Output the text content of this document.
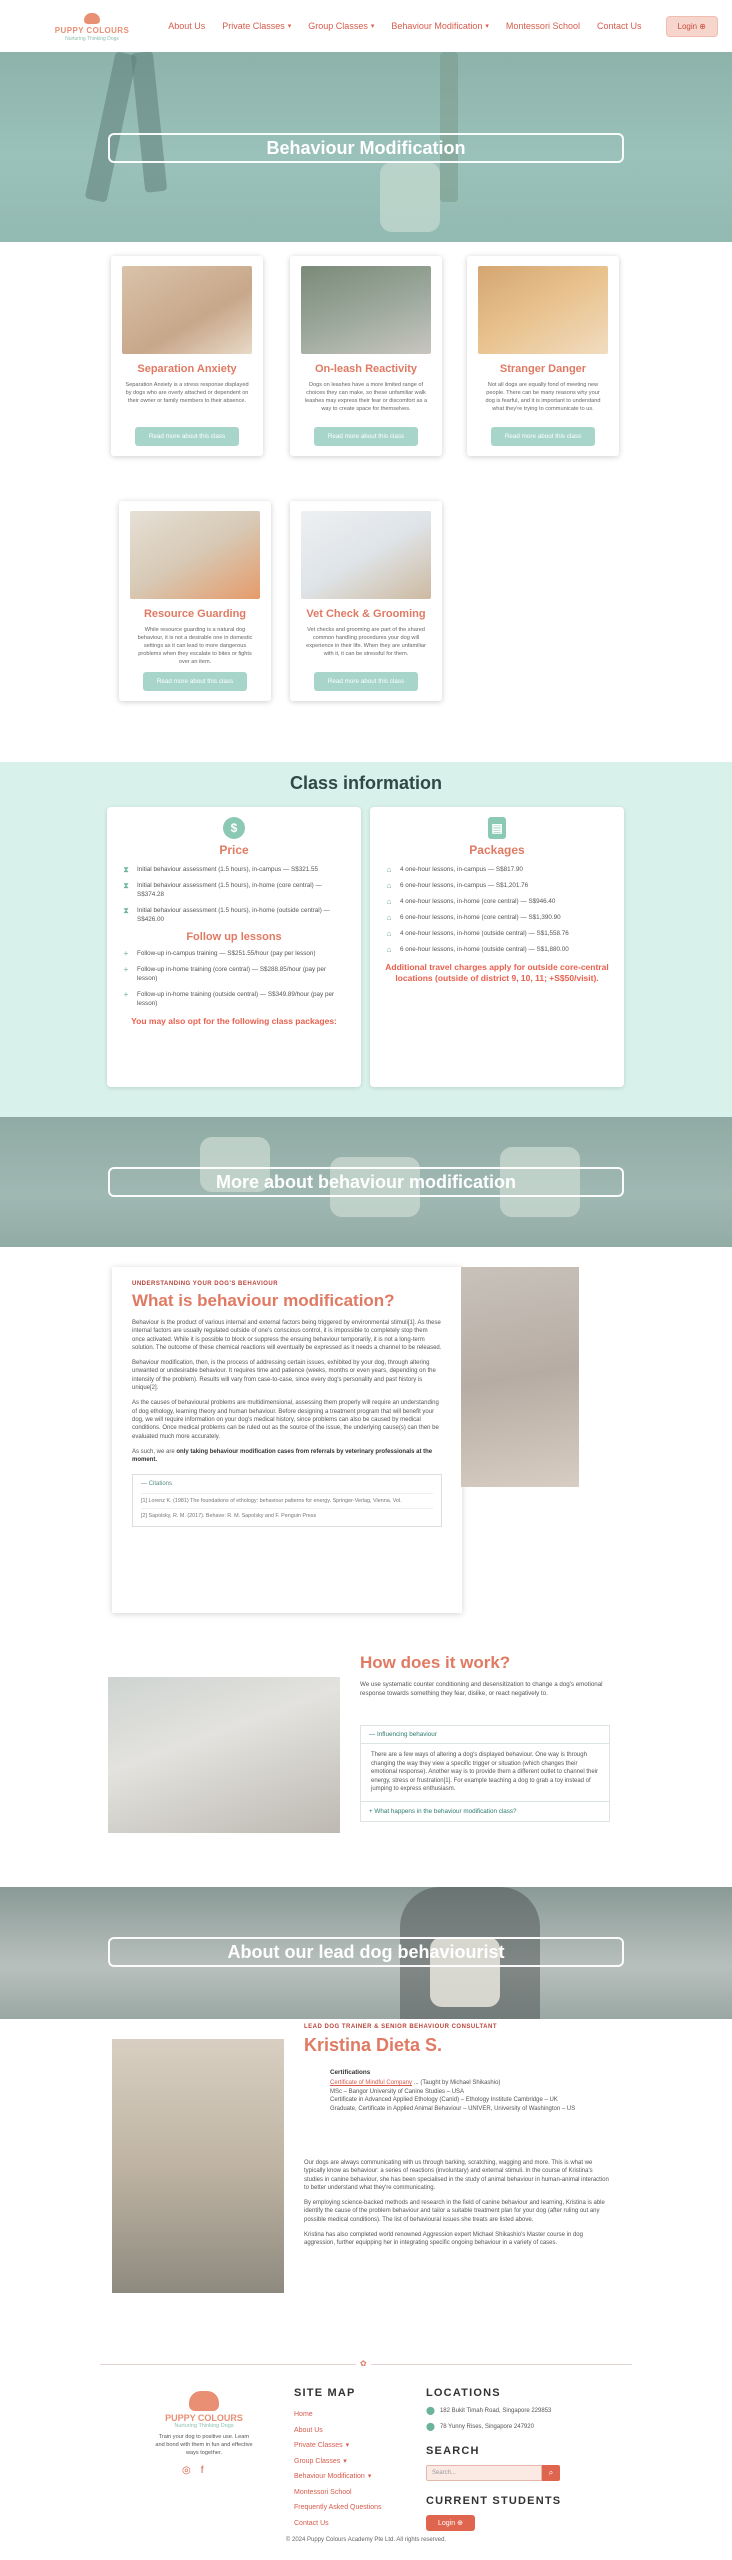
PUPPY COLOURS
Nurturing Thinking Dogs
About Us Private Classes ▾ Group Classes ▾ Behaviour Modification ▾ Montessori School Contact Us	Login ⊕
Behaviour Modification
Separation Anxiety
Separation Anxiety is a stress response displayed by dogs who are overly attached or dependent on their owner or family members to their absence.
Read more about this class
On-leash Reactivity
Dogs on leashes have a more limited range of choices they can make, so these unfamiliar walk leashes may express their fear or discomfort as a way to create space for themselves.
Read more about this class
Stranger Danger
Not all dogs are equally fond of meeting new people. There can be many reasons why your dog is fearful, and it is important to understand what they're trying to communicate to us.
Read more about this class
Resource Guarding
While resource guarding is a natural dog behaviour, it is not a desirable one in domestic settings as it can lead to more dangerous problems when they escalate to bites or fights over an item.
Read more about this class
Vet Check & Grooming
Vet checks and grooming are part of the shared common handling procedures your dog will experience in their life. When they are unfamiliar with it, it can be stressful for them.
Read more about this class
Class information
$
Price
⧗	Initial behaviour assessment (1.5 hours), in-campus — S$321.55
⧗	Initial behaviour assessment (1.5 hours), in-home (core central) — S$374.28
⧗	Initial behaviour assessment (1.5 hours), in-home (outside central) — S$426.00
Follow up lessons
+	Follow-up in-campus training — S$251.55/hour (pay per lesson)
+	Follow-up in-home training (core central) — S$288.85/hour (pay per lesson)
+	Follow-up in-home training (outside central) — S$349.89/hour (pay per lesson)
You may also opt for the following class packages:
▤
Packages
⌂	4 one-hour lessons, in-campus — S$817.90
⌂	6 one-hour lessons, in-campus — S$1,201.76
⌂	4 one-hour lessons, in-home (core central) — S$946.40
⌂	6 one-hour lessons, in-home (core central) — S$1,390.90
⌂	4 one-hour lessons, in-home (outside central) — S$1,558.76
⌂	6 one-hour lessons, in-home (outside central) — S$1,880.00
Additional travel charges apply for outside core-central locations (outside of district 9, 10, 11; +S$50/visit).
More about behaviour modification
UNDERSTANDING YOUR DOG'S BEHAVIOUR
What is behaviour modification?

Behaviour is the product of various internal and external factors being triggered by environmental stimuli[1]. As these internal factors are usually regulated outside of one's conscious control, it is impossible to completely stop them once activated. While it is possible to block or suppress the ensuing behaviour temporarily, it is not a long-term solution. The outcome of these chemical reactions will eventually be expressed as it needs a channel to be released.

Behaviour modification, then, is the process of addressing certain issues, exhibited by your dog, through altering unwanted or undesirable behaviour. It requires time and patience (weeks, months or even years, depending on the intensity of the problem). Results will vary from case-to-case, since every dog's personality and past history is unique[2].

As the causes of behavioural problems are multidimensional, assessing them properly will require an understanding of dog ethology, learning theory and human behaviour. Before designing a treatment program that will benefit your dog, we will require information on your dog's medical history, since problems can also be caused by medical conditions. Once medical problems can be ruled out as the source of the issue, the underlying cause(s) can then be evaluated much more accurately.

As such, we are only taking behaviour modification cases from referrals by veterinary professionals at the moment.

— Citations
[1] Lorenz K. (1981) The foundations of ethology: behaviour patterns for energy. Springer-Verlag, Vienna. Vol.
[2] Sapolsky, R. M. (2017). Behave: R. M. Sapolsky and F. Penguin Press
How does it work?

We use systematic counter conditioning and desensitization to change a dog's emotional response towards something they fear, dislike, or react negatively to.

— Influencing behaviour
There are a few ways of altering a dog's displayed behaviour. One way is through changing the way they view a specific trigger or situation (which changes their emotional response). Another way is to provide them a different outlet to channel their energy, stress or frustration[1]. For example teaching a dog to grab a toy instead of jumping to express enthusiasm.
+ What happens in the behaviour modification class?
About our lead dog behaviourist
LEAD DOG TRAINER & SENIOR BEHAVIOUR CONSULTANT
Kristina Dieta S.
Certifications
Certificate of Mindful Company ... (Taught by Michael Shikashio)
MSc – Bangor University of Canine Studies – USA
Certificate in Advanced Applied Ethology (Canid) – Ethology Institute Cambridge – UK
Graduate, Certificate in Applied Animal Behaviour – UNIVER, University of Washington – US

Our dogs are always communicating with us through barking, scratching, wagging and more. This is what we typically know as behaviour: a series of reactions (involuntary) and external stimuli. In the course of Kristina's studies in canine behaviour, she has been specialised in the study of animal behaviour in human-animal interaction to better understand what they're communicating.

By employing science-backed methods and research in the field of canine behaviour and learning, Kristina is able identify the cause of the problem behaviour and tailor a suitable treatment plan for your dog (after ruling out any possible medical conditions). The list of behavioural issues she treats are listed above.

Kristina has also completed world renowned Aggression expert Michael Shikashio's Master course in dog aggression, further equipping her in integrating specific ongoing behaviour in a variety of cases.

✿
PUPPY COLOURS
Nurturing Thinking Dogs
Train your dog to positive use. Learn and bond with them in fun and effective ways together.
◎ f
SITE MAP
Home
About Us
Private Classes ▾
Group Classes ▾
Behaviour Modification ▾
Montessori School
Frequently Asked Questions
Contact Us
LOCATIONS
⬤ 182 Bukit Timah Road, Singapore 229853
⬤ 78 Yunny Rises, Singapore 247920
SEARCH
Search...	⌕
CURRENT STUDENTS
Login ⊕
© 2024 Puppy Colours Academy Pte Ltd. All rights reserved.
